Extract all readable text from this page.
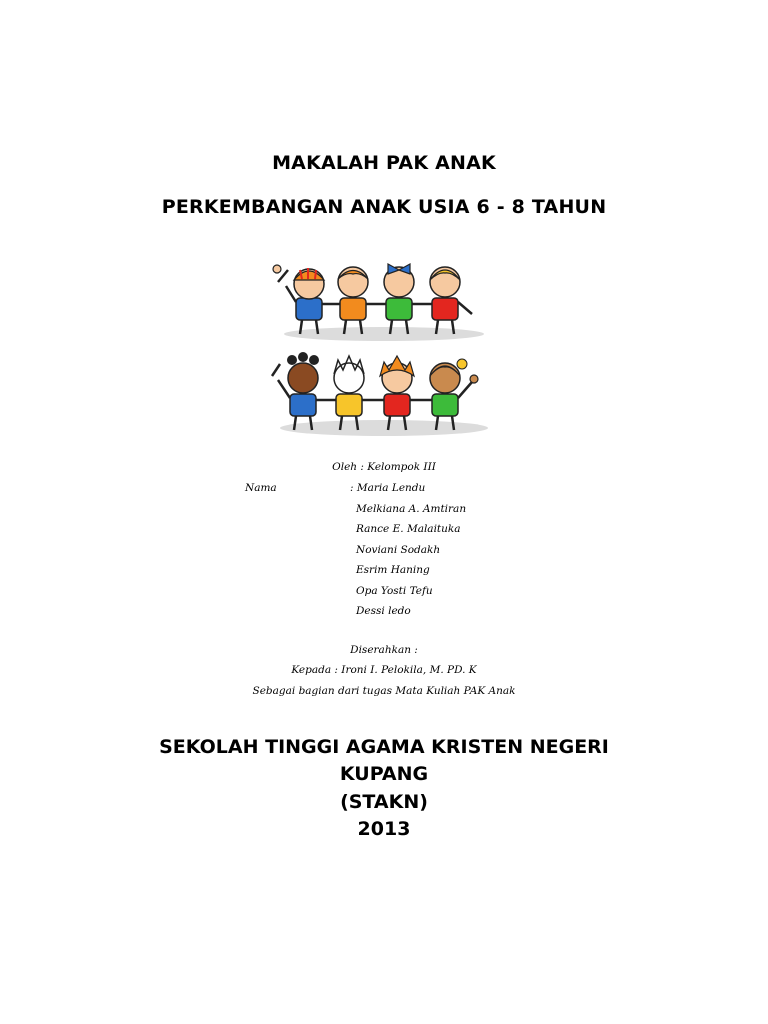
MAKALAH PAK ANAK
PERKEMBANGAN ANAK USIA 6 - 8 TAHUN
Oleh : Kelompok III
Nama	: Maria Lendu
Melkiana A. Amtiran
Rance E. Malaituka
Noviani Sodakh
Esrim Haning
Opa Yosti Tefu
Dessi ledo
Diserahkan :
Kepada : Ironi I. Pelokila, M. PD. K
Sebagai bagian dari tugas Mata Kuliah PAK Anak
SEKOLAH TINGGI AGAMA KRISTEN NEGERI
KUPANG
(STAKN)
2013
